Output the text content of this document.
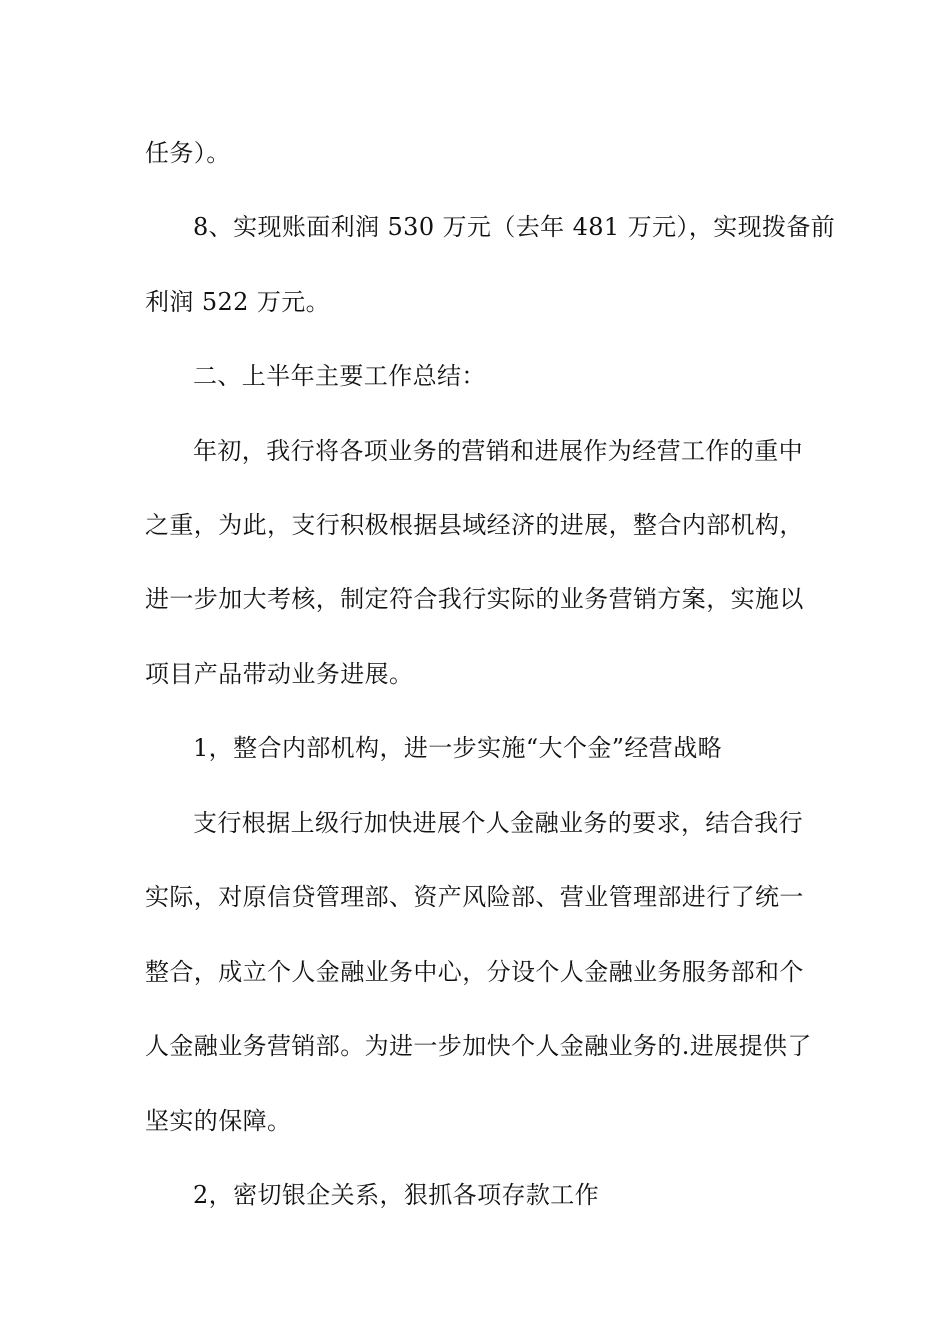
任务）。
8、实现账面利润 530 万元（去年 481 万元），实现拨备前
利润 522 万元。
二、上半年主要工作总结：
年初，我行将各项业务的营销和进展作为经营工作的重中
之重，为此，支行积极根据县域经济的进展，整合内部机构，
进一步加大考核，制定符合我行实际的业务营销方案，实施以
项目产品带动业务进展。
1，整合内部机构，进一步实施“大个金”经营战略
支行根据上级行加快进展个人金融业务的要求，结合我行
实际，对原信贷管理部、资产风险部、营业管理部进行了统一
整合，成立个人金融业务中心，分设个人金融业务服务部和个
人金融业务营销部。为进一步加快个人金融业务的.进展提供了
坚实的保障。
2，密切银企关系，狠抓各项存款工作
